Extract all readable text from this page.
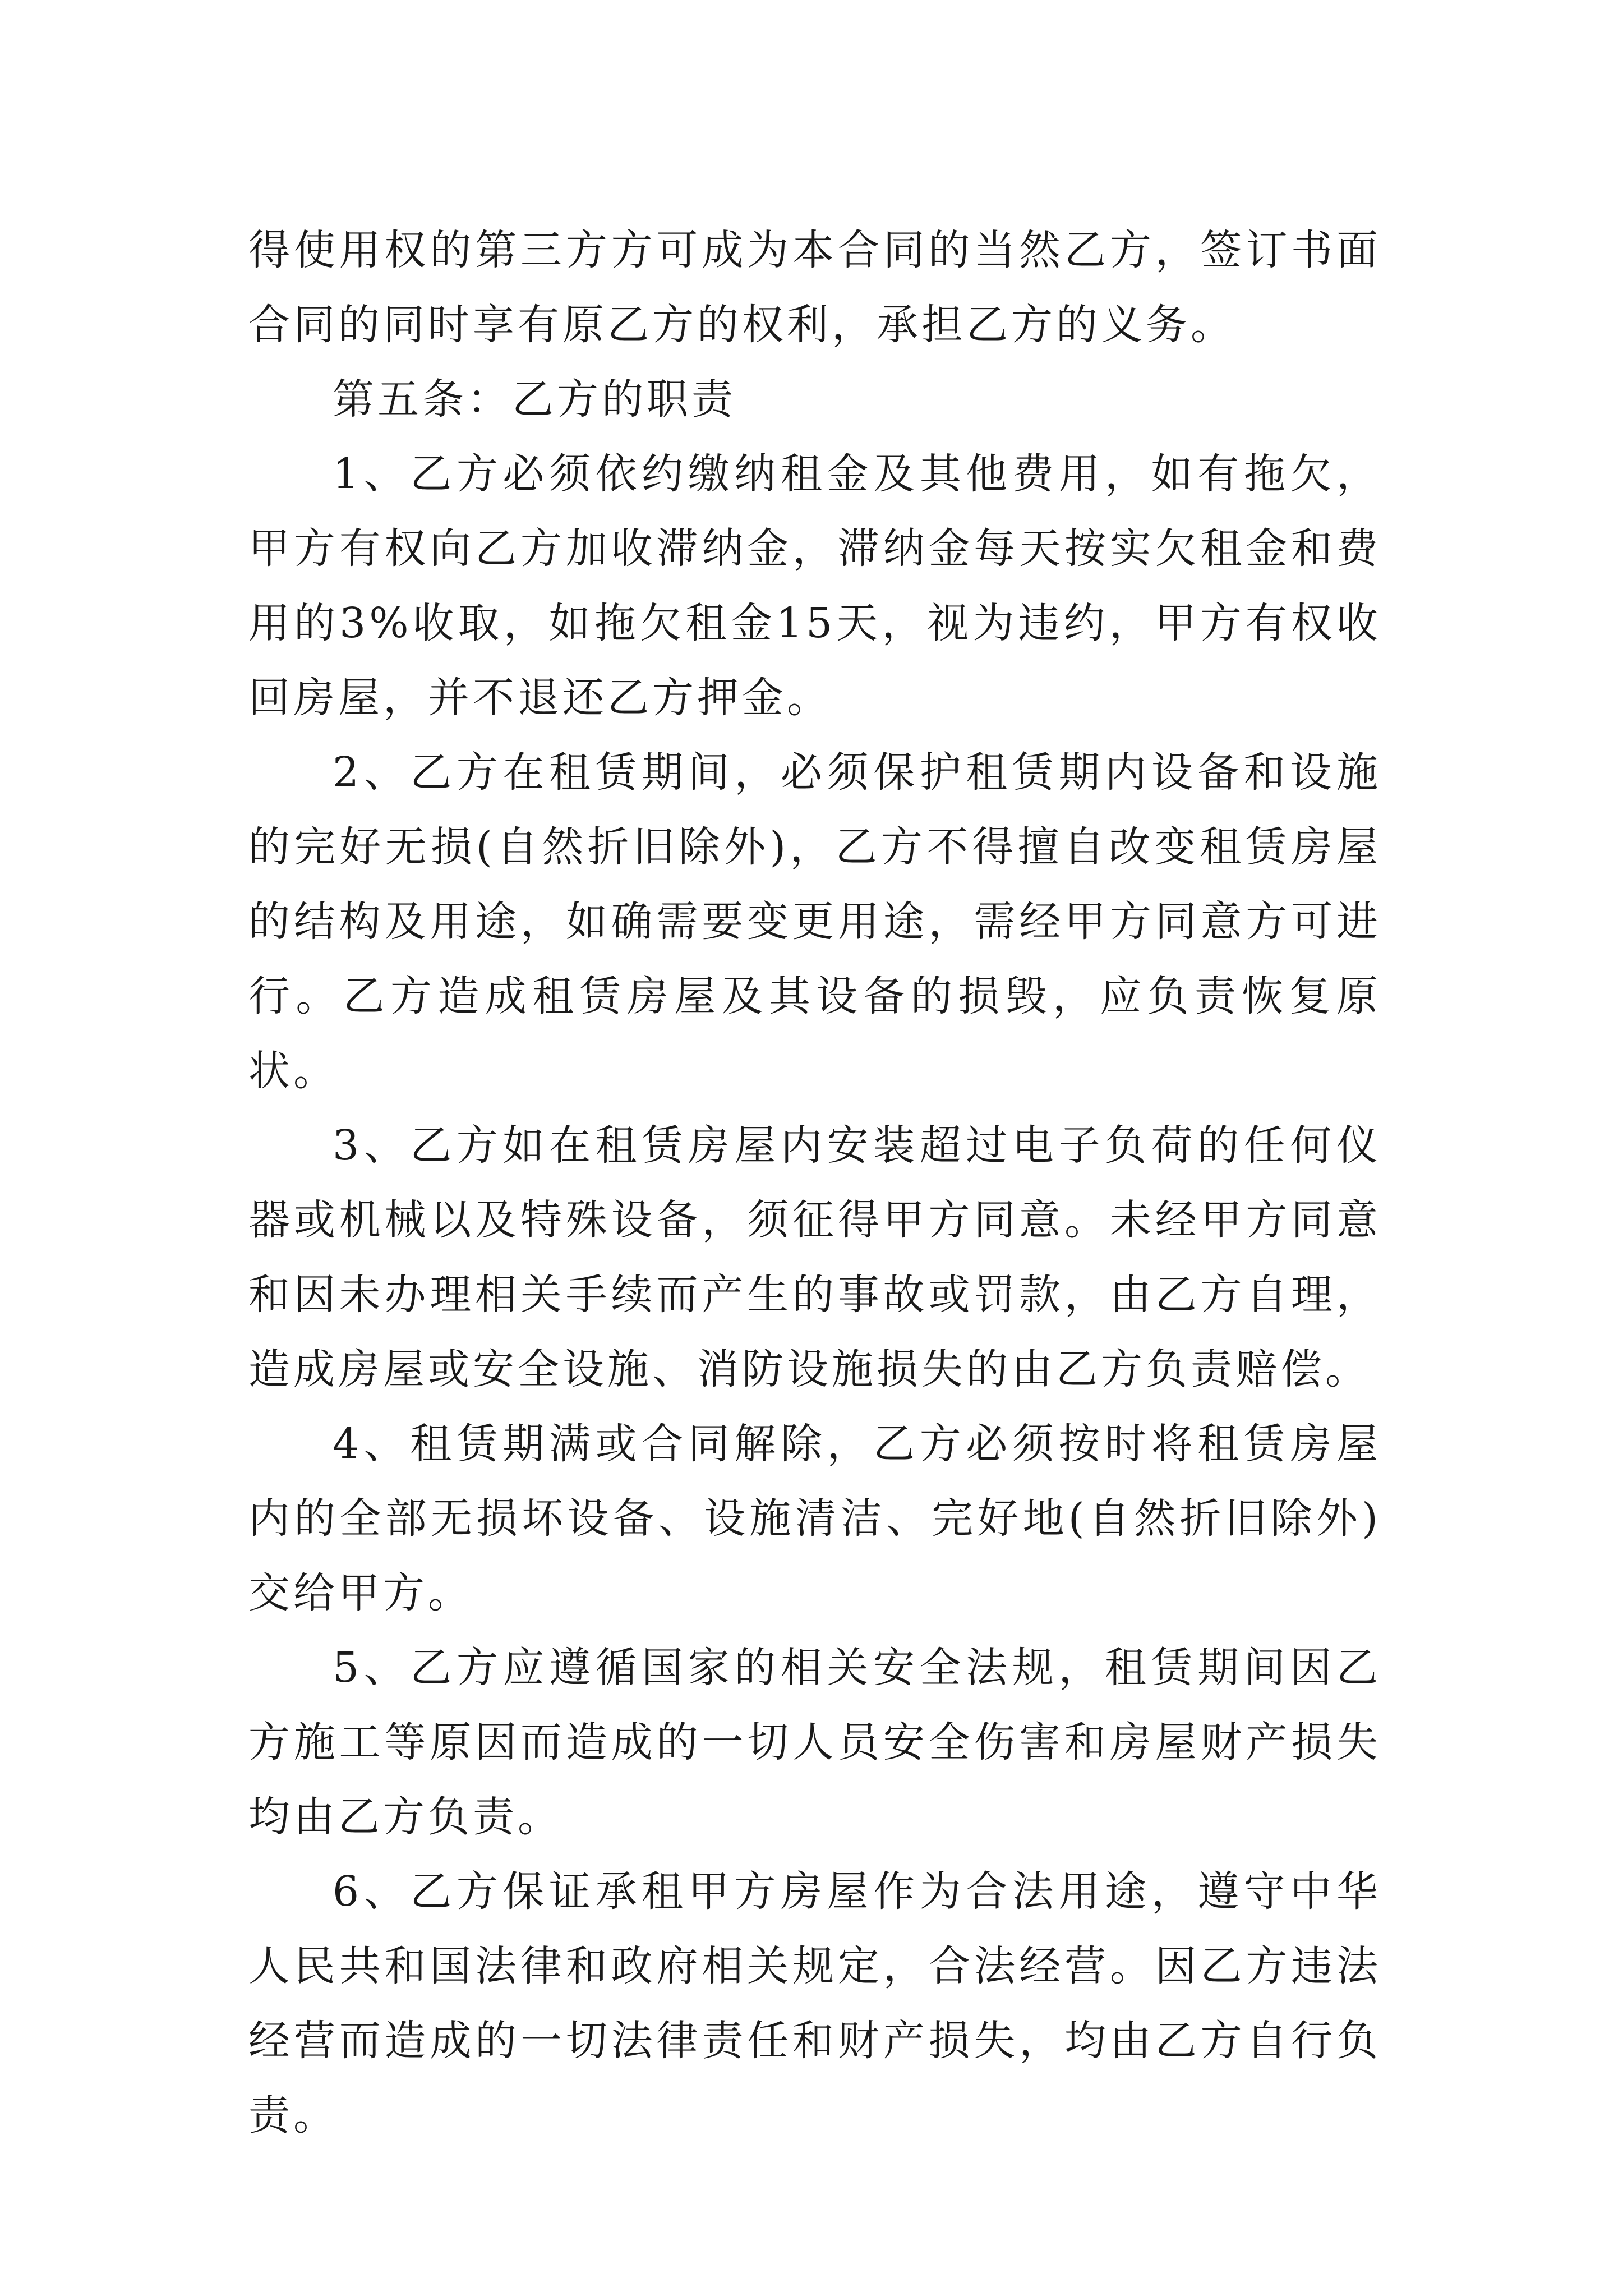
得使用权的第三方方可成为本合同的当然乙方，签订书面合同的同时享有原乙方的权利，承担乙方的义务。

第五条：乙方的职责

1、乙方必须依约缴纳租金及其他费用，如有拖欠，甲方有权向乙方加收滞纳金，滞纳金每天按实欠租金和费用的3%收取，如拖欠租金15天，视为违约，甲方有权收回房屋，并不退还乙方押金。

2、乙方在租赁期间，必须保护租赁期内设备和设施的完好无损(自然折旧除外)，乙方不得擅自改变租赁房屋的结构及用途，如确需要变更用途，需经甲方同意方可进行。乙方造成租赁房屋及其设备的损毁，应负责恢复原状。

3、乙方如在租赁房屋内安装超过电子负荷的任何仪器或机械以及特殊设备，须征得甲方同意。未经甲方同意和因未办理相关手续而产生的事故或罚款，由乙方自理，造成房屋或安全设施、消防设施损失的由乙方负责赔偿。

4、租赁期满或合同解除，乙方必须按时将租赁房屋内的全部无损坏设备、设施清洁、完好地(自然折旧除外)交给甲方。

5、乙方应遵循国家的相关安全法规，租赁期间因乙方施工等原因而造成的一切人员安全伤害和房屋财产损失均由乙方负责。

6、乙方保证承租甲方房屋作为合法用途，遵守中华人民共和国法律和政府相关规定，合法经营。因乙方违法经营而造成的一切法律责任和财产损失，均由乙方自行负责。
